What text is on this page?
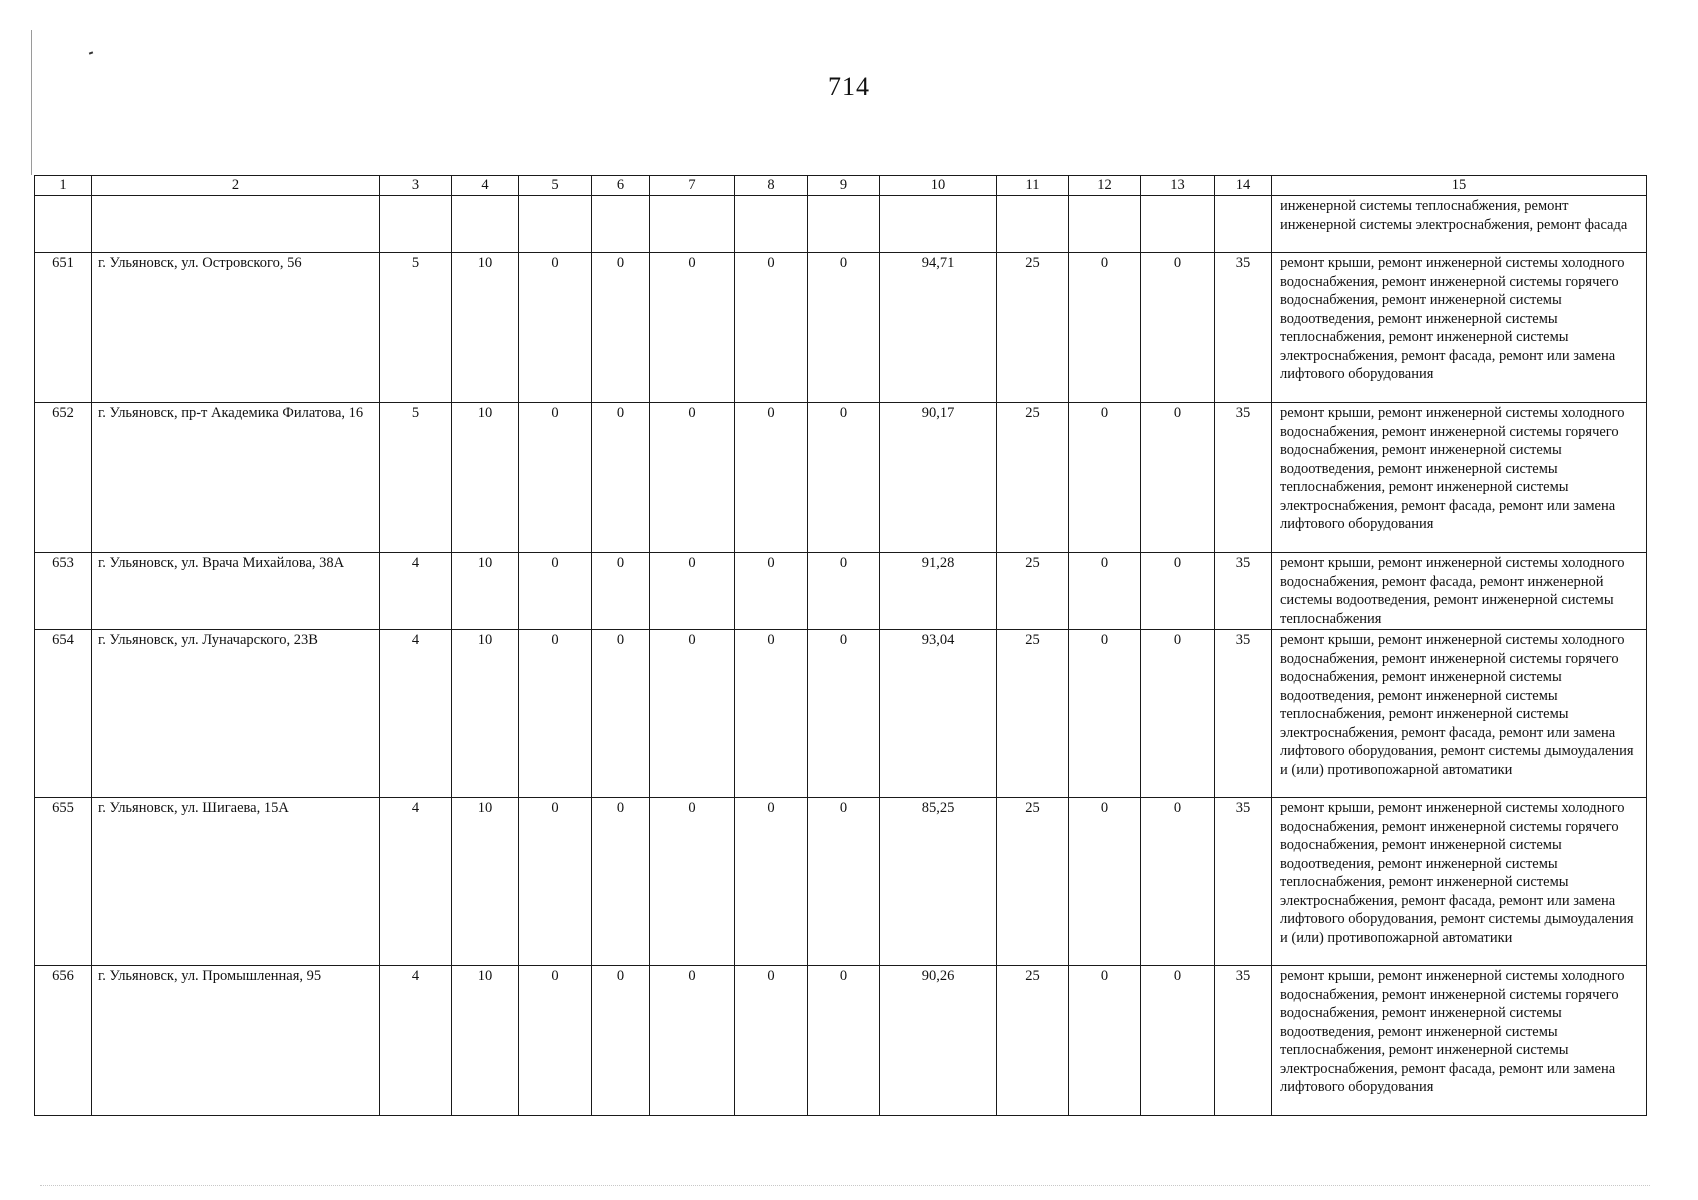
714
1	2	3	4	5	6	7	8	9	10	11	12	13	14	15
														инженерной системы теплоснабжения, ремонт инженерной системы электроснабжения, ремонт фасада
651	г. Ульяновск, ул. Островского, 56	5	10	0	0	0	0	0	94,71	25	0	0	35	ремонт крыши, ремонт инженерной системы холодного водоснабжения, ремонт инженерной системы горячего водоснабжения, ремонт инженерной системы водоотведения, ремонт инженерной системы теплоснабжения, ремонт инженерной системы электроснабжения, ремонт фасада, ремонт или замена лифтового оборудования
652	г. Ульяновск, пр-т Академика Филатова, 16	5	10	0	0	0	0	0	90,17	25	0	0	35	ремонт крыши, ремонт инженерной системы холодного водоснабжения, ремонт инженерной системы горячего водоснабжения, ремонт инженерной системы водоотведения, ремонт инженерной системы теплоснабжения, ремонт инженерной системы электроснабжения, ремонт фасада, ремонт или замена лифтового оборудования
653	г. Ульяновск, ул. Врача Михайлова, 38А	4	10	0	0	0	0	0	91,28	25	0	0	35	ремонт крыши, ремонт инженерной системы холодного водоснабжения, ремонт фасада, ремонт инженерной системы водоотведения, ремонт инженерной системы теплоснабжения
654	г. Ульяновск, ул. Луначарского, 23В	4	10	0	0	0	0	0	93,04	25	0	0	35	ремонт крыши, ремонт инженерной системы холодного водоснабжения, ремонт инженерной системы горячего водоснабжения, ремонт инженерной системы водоотведения, ремонт инженерной системы теплоснабжения, ремонт инженерной системы электроснабжения, ремонт фасада, ремонт или замена лифтового оборудования, ремонт системы дымоудаления и (или) противопожарной автоматики
655	г. Ульяновск, ул. Шигаева, 15А	4	10	0	0	0	0	0	85,25	25	0	0	35	ремонт крыши, ремонт инженерной системы холодного водоснабжения, ремонт инженерной системы горячего водоснабжения, ремонт инженерной системы водоотведения, ремонт инженерной системы теплоснабжения, ремонт инженерной системы электроснабжения, ремонт фасада, ремонт или замена лифтового оборудования, ремонт системы дымоудаления и (или) противопожарной автоматики
656	г. Ульяновск, ул. Промышленная, 95	4	10	0	0	0	0	0	90,26	25	0	0	35	ремонт крыши, ремонт инженерной системы холодного водоснабжения, ремонт инженерной системы горячего водоснабжения, ремонт инженерной системы водоотведения, ремонт инженерной системы теплоснабжения, ремонт инженерной системы электроснабжения, ремонт фасада, ремонт или замена лифтового оборудования
